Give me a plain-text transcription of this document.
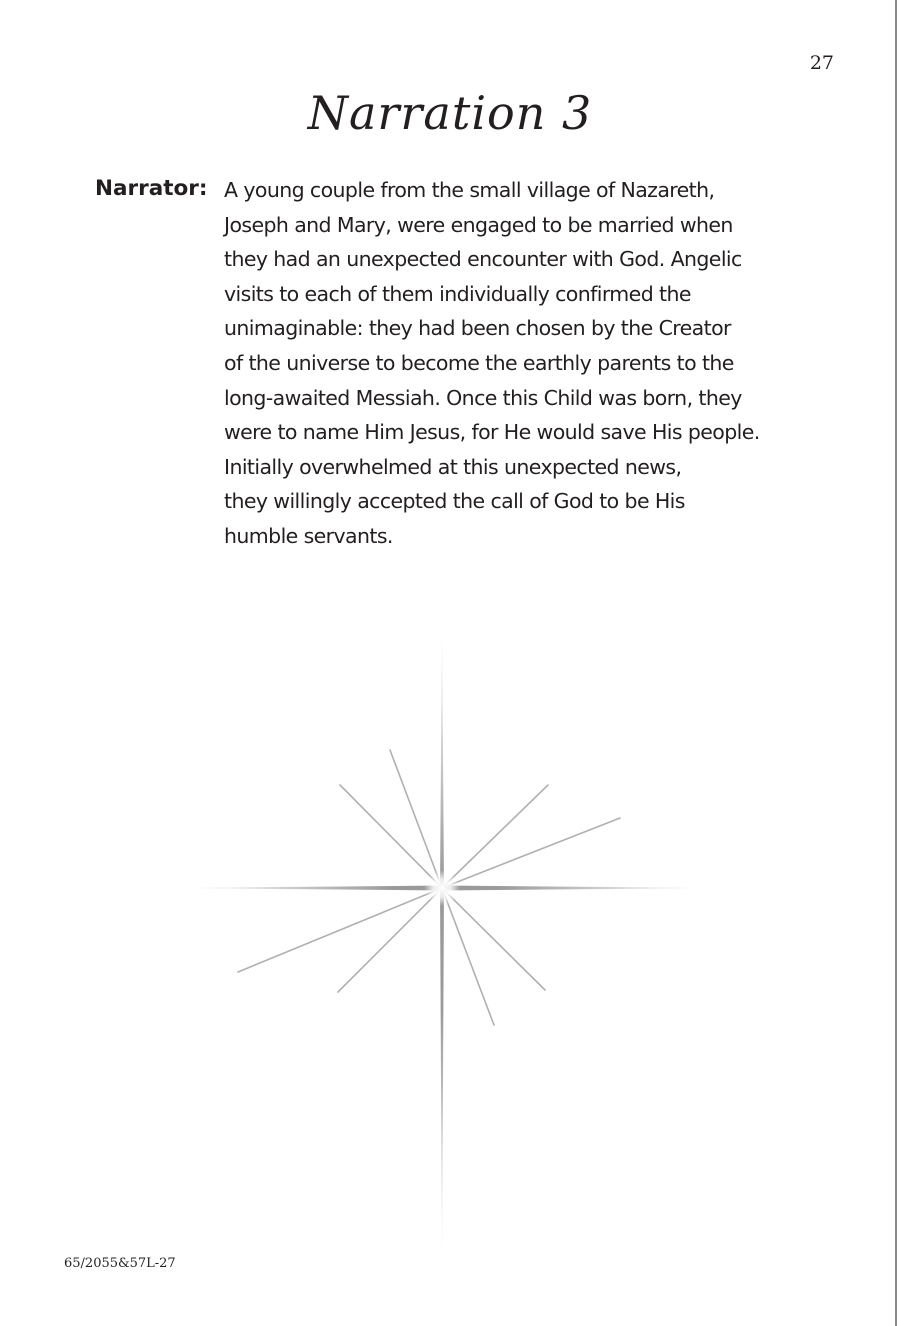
27
Narration 3
Narrator: A young couple from the small village of Nazareth,
Joseph and Mary, were engaged to be married when
they had an unexpected encounter with God. Angelic
visits to each of them individually confirmed the
unimaginable: they had been chosen by the Creator
of the universe to become the earthly parents to the
long-awaited Messiah. Once this Child was born, they
were to name Him Jesus, for He would save His people.
Initially overwhelmed at this unexpected news,
they willingly accepted the call of God to be His
humble servants.
65/2055&57L-27
